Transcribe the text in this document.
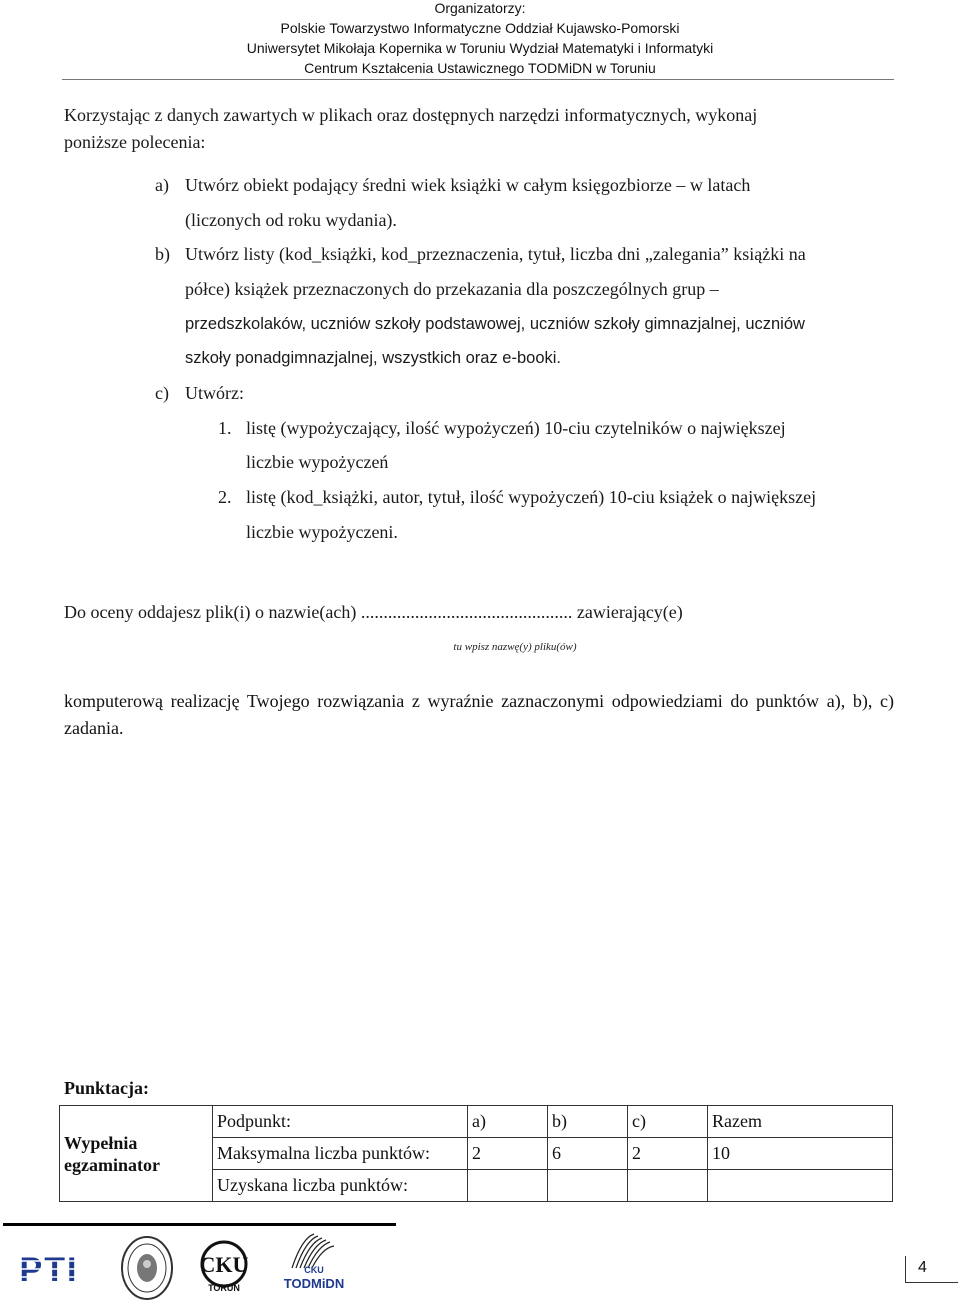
Organizatorzy:
Polskie Towarzystwo Informatyczne Oddział Kujawsko-Pomorski
Uniwersytet Mikołaja Kopernika w Toruniu Wydział Matematyki i Informatyki
Centrum Kształcenia Ustawicznego TODMiDN w Toruniu
Korzystając z danych zawartych w plikach oraz dostępnych narzędzi informatycznych, wykonaj
poniższe polecenia:
a) Utwórz obiekt podający średni wiek książki w całym księgozbiorze – w latach
(liczonych od roku wydania).
b) Utwórz listy (kod_książki, kod_przeznaczenia, tytuł, liczba dni „zalegania” książki na
półce) książek przeznaczonych do przekazania dla poszczególnych grup –
przedszkolaków, uczniów szkoły podstawowej, uczniów szkoły gimnazjalnej, uczniów
szkoły ponadgimnazjalnej, wszystkich oraz e-booki.
c) Utwórz:
1. listę (wypożyczający, ilość wypożyczeń) 10-ciu czytelników o największej
liczbie wypożyczeń
2. listę (kod_książki, autor, tytuł, ilość wypożyczeń) 10-ciu książek o największej
liczbie wypożyczeni.
Do oceny oddajesz plik(i) o nazwie(ach) ............................................... zawierający(e)
tu wpisz nazwę(y) pliku(ów)
komputerową realizację Twojego rozwiązania z wyraźnie zaznaczonymi odpowiedziami do punktów a), b), c) zadania.
Punktacja:
Wypełnia egzaminator	Podpunkt:	a)	b)	c)	Razem
	Maksymalna liczba punktów:	2	6	2	10
	Uzyskana liczba punktów:				
PTI	CKU
TORUŃ
CKU
TODMiDN
4
